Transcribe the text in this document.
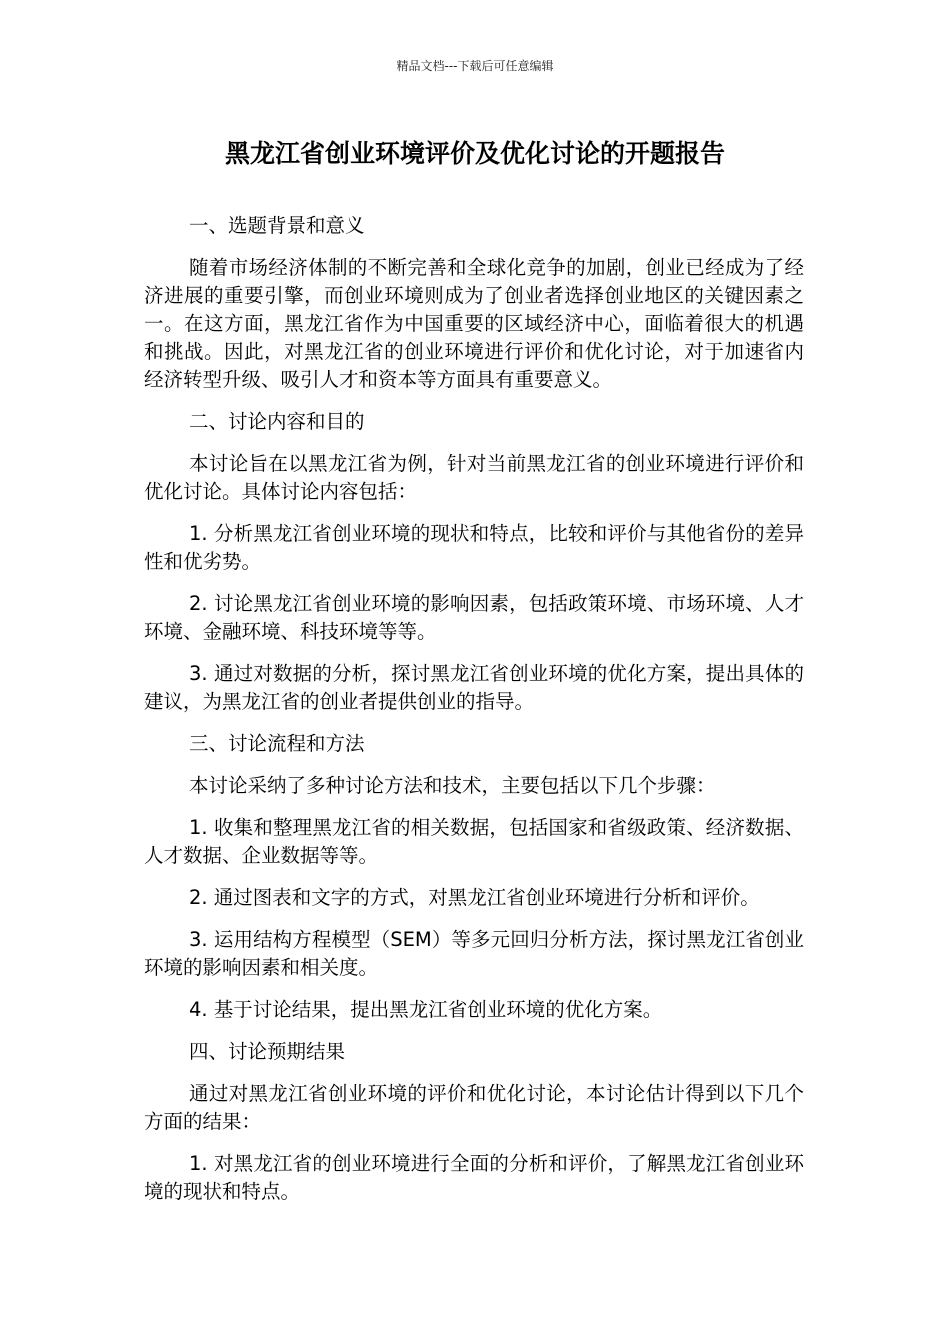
精品文档---下载后可任意编辑
黑龙江省创业环境评价及优化讨论的开题报告

一、选题背景和意义

随着市场经济体制的不断完善和全球化竞争的加剧，创业已经成为了经济进展的重要引擎，而创业环境则成为了创业者选择创业地区的关键因素之一。在这方面，黑龙江省作为中国重要的区域经济中心，面临着很大的机遇和挑战。因此，对黑龙江省的创业环境进行评价和优化讨论，对于加速省内经济转型升级、吸引人才和资本等方面具有重要意义。

二、讨论内容和目的

本讨论旨在以黑龙江省为例，针对当前黑龙江省的创业环境进行评价和优化讨论。具体讨论内容包括：

1. 分析黑龙江省创业环境的现状和特点，比较和评价与其他省份的差异性和优劣势。

2. 讨论黑龙江省创业环境的影响因素，包括政策环境、市场环境、人才环境、金融环境、科技环境等等。

3. 通过对数据的分析，探讨黑龙江省创业环境的优化方案，提出具体的建议，为黑龙江省的创业者提供创业的指导。

三、讨论流程和方法

本讨论采纳了多种讨论方法和技术，主要包括以下几个步骤：

1. 收集和整理黑龙江省的相关数据，包括国家和省级政策、经济数据、人才数据、企业数据等等。

2. 通过图表和文字的方式，对黑龙江省创业环境进行分析和评价。

3. 运用结构方程模型（SEM）等多元回归分析方法，探讨黑龙江省创业环境的影响因素和相关度。

4. 基于讨论结果，提出黑龙江省创业环境的优化方案。

四、讨论预期结果

通过对黑龙江省创业环境的评价和优化讨论，本讨论估计得到以下几个方面的结果：

1. 对黑龙江省的创业环境进行全面的分析和评价，了解黑龙江省创业环境的现状和特点。
